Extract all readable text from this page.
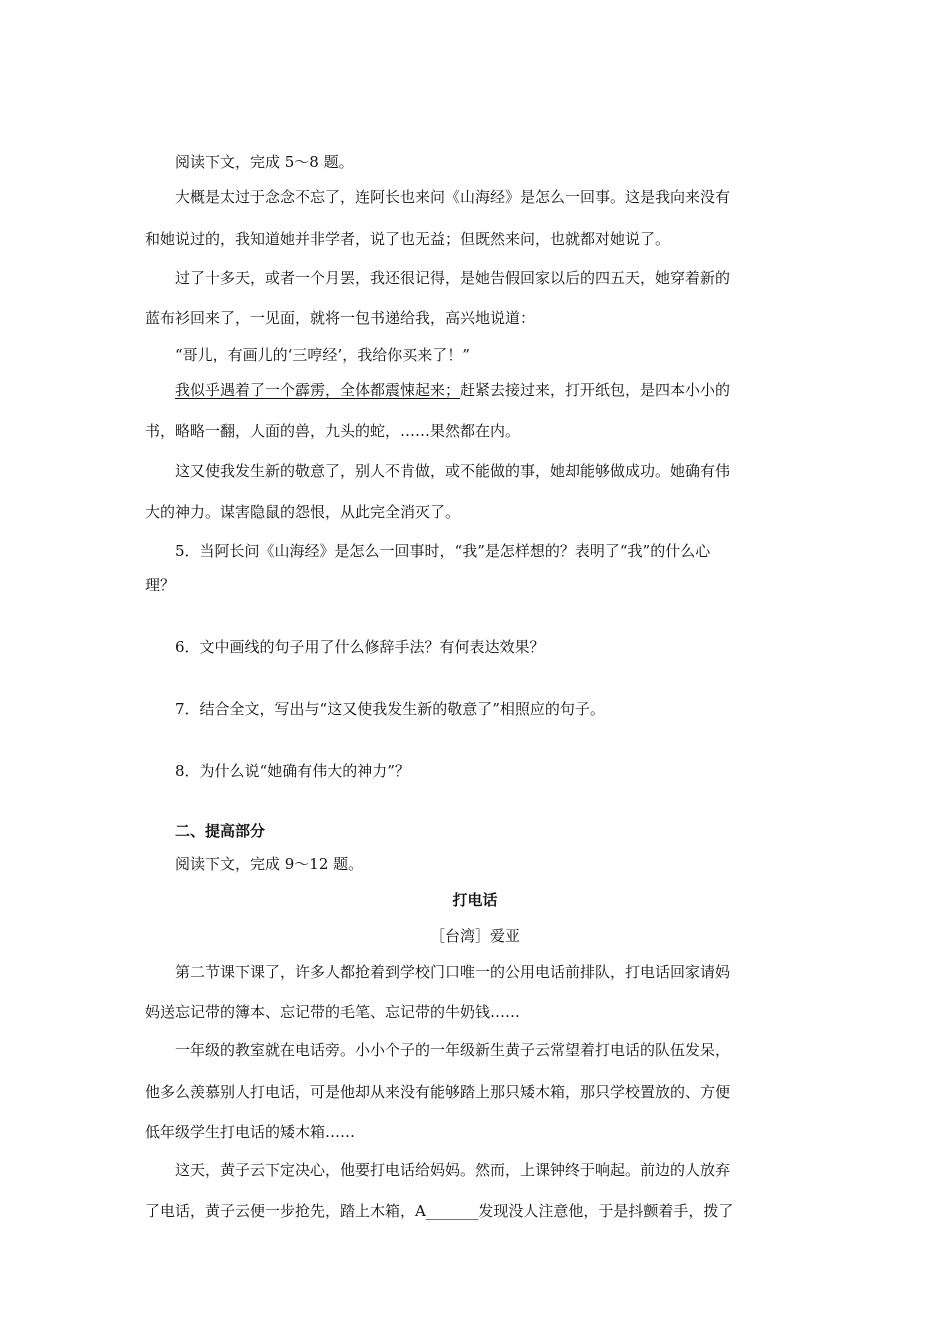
阅读下文，完成 5～8 题。
大概是太过于念念不忘了，连阿长也来问《山海经》是怎么一回事。这是我向来没有
和她说过的，我知道她并非学者，说了也无益；但既然来问，也就都对她说了。
过了十多天，或者一个月罢，我还很记得，是她告假回家以后的四五天，她穿着新的
蓝布衫回来了，一见面，就将一包书递给我，高兴地说道：
“哥儿，有画儿的‘三哼经’，我给你买来了！”
我似乎遇着了一个霹雳，全体都震悚起来；赶紧去接过来，打开纸包，是四本小小的
书，略略一翻，人面的兽，九头的蛇，……果然都在内。
这又使我发生新的敬意了，别人不肯做，或不能做的事，她却能够做成功。她确有伟
大的神力。谋害隐鼠的怨恨，从此完全消灭了。
5．当阿长问《山海经》是怎么一回事时，“我”是怎样想的？表明了“我”的什么心
理？
6．文中画线的句子用了什么修辞手法？有何表达效果？
7．结合全文，写出与“这又使我发生新的敬意了”相照应的句子。
8．为什么说“她确有伟大的神力”？
二、提高部分
阅读下文，完成 9～12 题。
打电话
［台湾］爱亚
第二节课下课了，许多人都抢着到学校门口唯一的公用电话前排队，打电话回家请妈
妈送忘记带的簿本、忘记带的毛笔、忘记带的牛奶钱……
一年级的教室就在电话旁。小小个子的一年级新生黄子云常望着打电话的队伍发呆，
他多么羡慕别人打电话，可是他却从来没有能够踏上那只矮木箱，那只学校置放的、方便
低年级学生打电话的矮木箱……
这天，黄子云下定决心，他要打电话给妈妈。然而，上课钟终于响起。前边的人放弃
了电话，黄子云便一步抢先，踏上木箱，A_______发现没人注意他，于是抖颤着手，拨了
